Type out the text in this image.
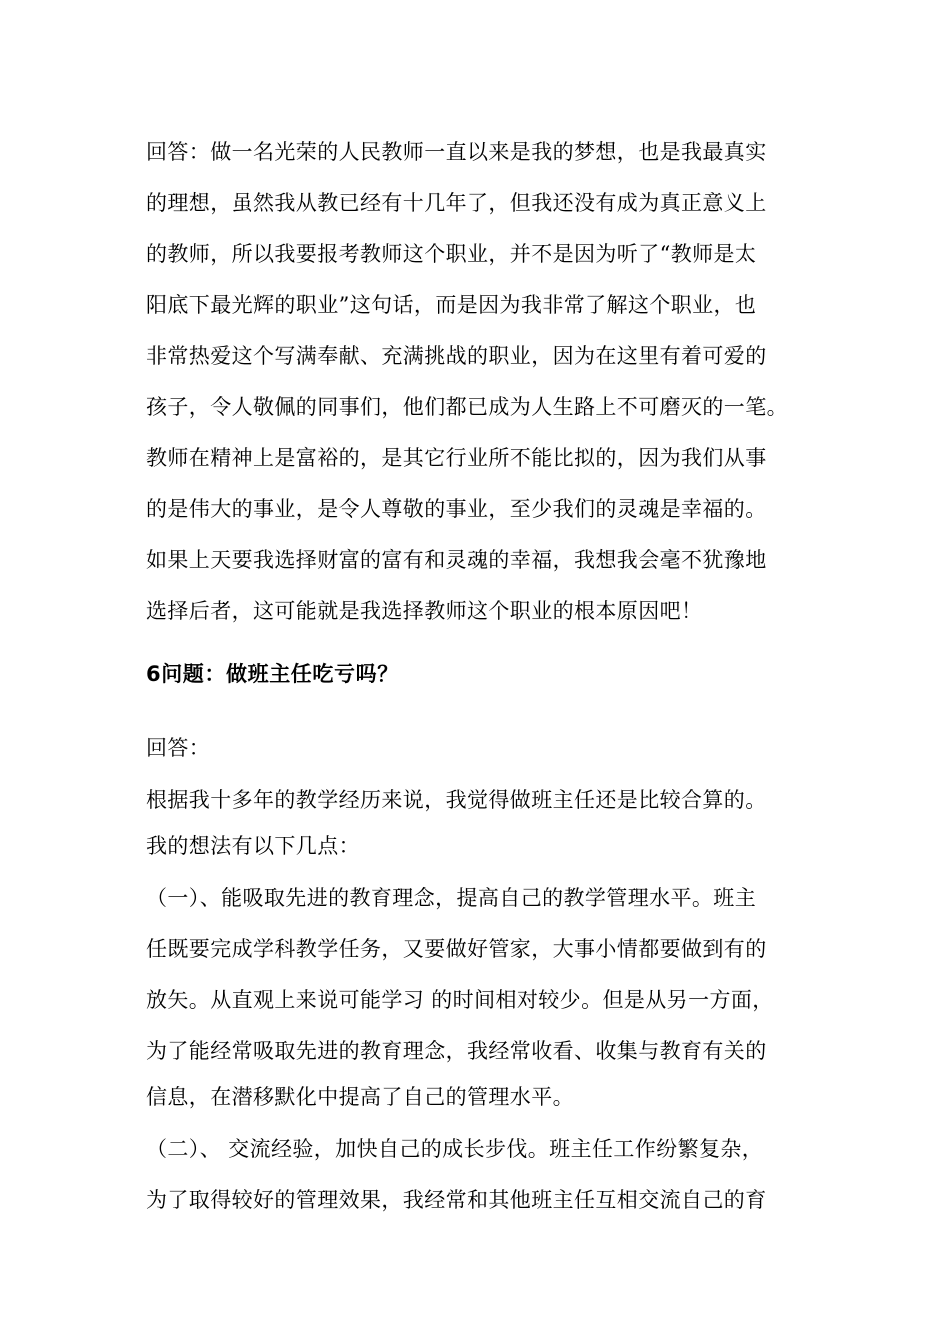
回答：做一名光荣的人民教师一直以来是我的梦想，也是我最真实
的理想，虽然我从教已经有十几年了，但我还没有成为真正意义上
的教师，所以我要报考教师这个职业，并不是因为听了“教师是太
阳底下最光辉的职业”这句话，而是因为我非常了解这个职业，也
非常热爱这个写满奉献、充满挑战的职业，因为在这里有着可爱的
孩子，令人敬佩的同事们，他们都已成为人生路上不可磨灭的一笔。
教师在精神上是富裕的，是其它行业所不能比拟的，因为我们从事
的是伟大的事业，是令人尊敬的事业，至少我们的灵魂是幸福的。
如果上天要我选择财富的富有和灵魂的幸福，我想我会毫不犹豫地
选择后者，这可能就是我选择教师这个职业的根本原因吧！
6问题：做班主任吃亏吗？
回答：
根据我十多年的教学经历来说，我觉得做班主任还是比较合算的。
我的想法有以下几点：
（一）、能吸取先进的教育理念，提高自己的教学管理水平。班主
任既要完成学科教学任务，又要做好管家，大事小情都要做到有的
放矢。从直观上来说可能学习 的时间相对较少。但是从另一方面，
为了能经常吸取先进的教育理念，我经常收看、收集与教育有关的
信息，在潜移默化中提高了自己的管理水平。
（二）、 交流经验，加快自己的成长步伐。班主任工作纷繁复杂，
为了取得较好的管理效果，我经常和其他班主任互相交流自己的育
